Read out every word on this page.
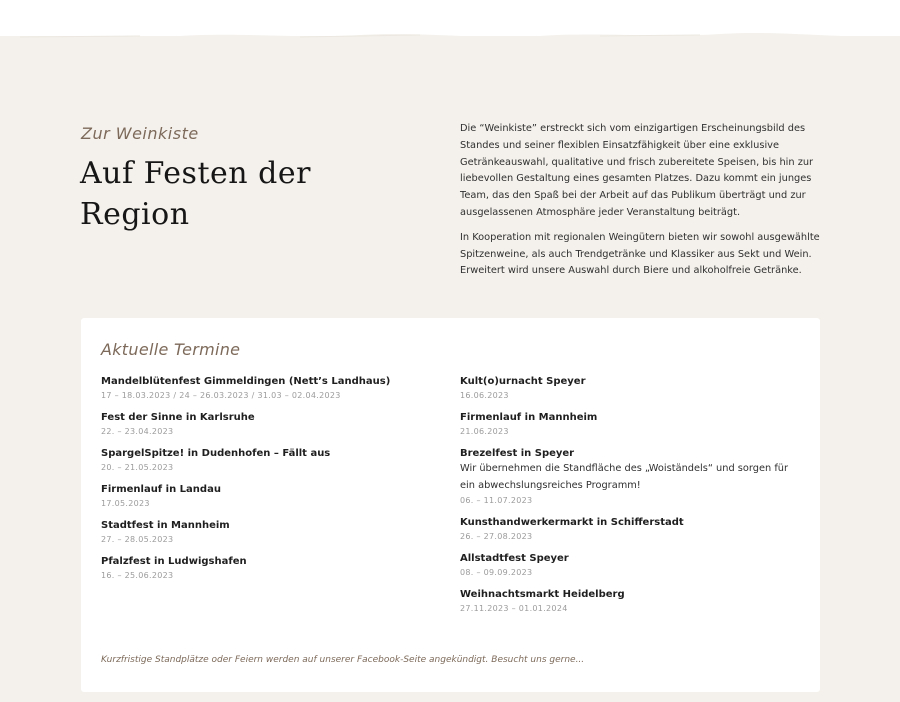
Zur Weinkiste
Auf Festen der Region

Die “Weinkiste” erstreckt sich vom einzigartigen Erscheinungsbild des Standes und seiner flexiblen Einsatzfähigkeit über eine exklusive Getränkeauswahl, qualitative und frisch zubereitete Speisen, bis hin zur liebevollen Gestaltung eines gesamten Platzes. Dazu kommt ein junges Team, das den Spaß bei der Arbeit auf das Publikum überträgt und zur ausgelassenen Atmosphäre jeder Veranstaltung beiträgt.

In Kooperation mit regionalen Weingütern bieten wir sowohl ausgewählte Spitzenweine, als auch Trendgetränke und Klassiker aus Sekt und Wein. Erweitert wird unsere Auswahl durch Biere und alkoholfreie Getränke.

Aktuelle Termine
Mandelblütenfest Gimmeldingen (Nett’s Landhaus)
17 – 18.03.2023 / 24 – 26.03.2023 / 31.03 – 02.04.2023
Fest der Sinne in Karlsruhe
22. – 23.04.2023
SpargelSpitze! in Dudenhofen – Fällt aus
20. – 21.05.2023
Firmenlauf in Landau
17.05.2023
Stadtfest in Mannheim
27. – 28.05.2023
Pfalzfest in Ludwigshafen
16. – 25.06.2023
Kult(o)urnacht Speyer
16.06.2023
Firmenlauf in Mannheim
21.06.2023
Brezelfest in Speyer
Wir übernehmen die Standfläche des „Woiständels“ und sorgen für ein abwechslungsreiches Programm!
06. – 11.07.2023
Kunsthandwerkermarkt in Schifferstadt
26. – 27.08.2023
Allstadtfest Speyer
08. – 09.09.2023
Weihnachtsmarkt Heidelberg
27.11.2023 – 01.01.2024
Kurzfristige Standplätze oder Feiern werden auf unserer Facebook-Seite angekündigt. Besucht uns gerne...
